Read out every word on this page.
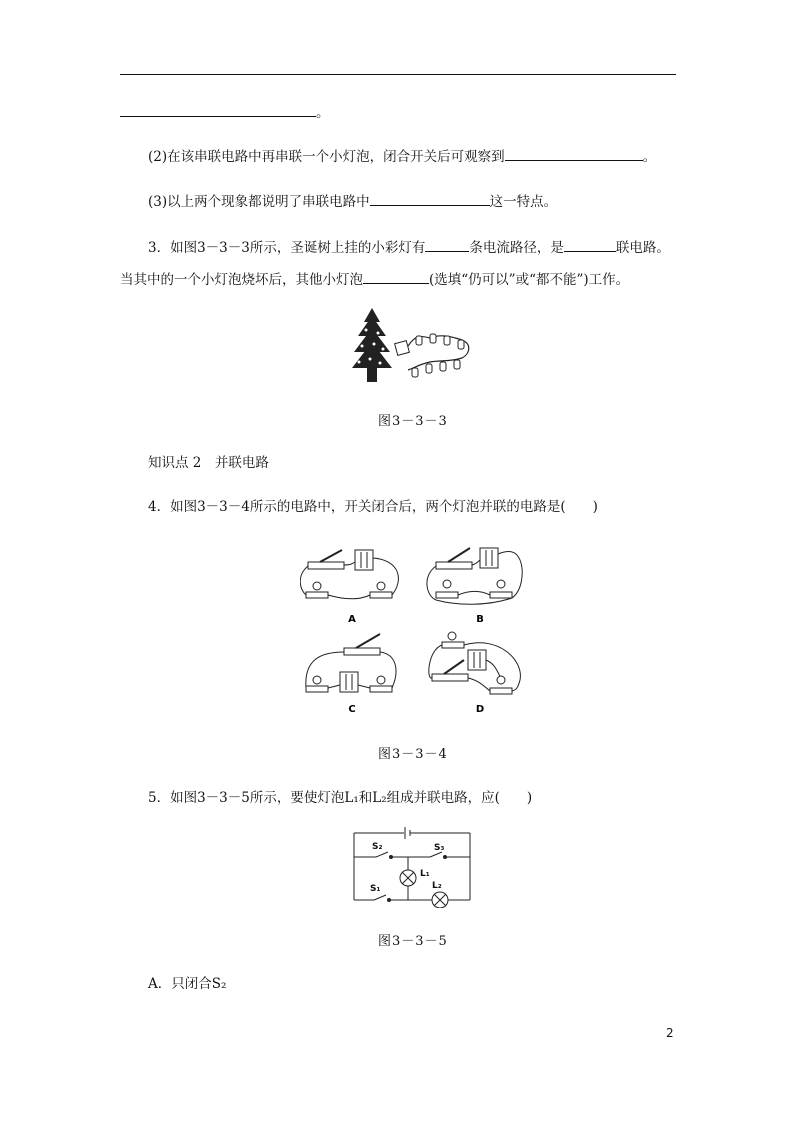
。
(2)在该串联电路中再串联一个小灯泡，闭合开关后可观察到	。
(3)以上两个现象都说明了串联电路中	这一特点。
3．如图3－3－3所示，圣诞树上挂的小彩灯有	条电流路径，是	联电路。
当其中的一个小灯泡烧坏后，其他小灯泡	(选填“仍可以”或“都不能”)工作。
图3－3－3
知识点 2　并联电路
4．如图3－3－4所示的电路中，开关闭合后，两个灯泡并联的电路是(　　)
A	B
C	D
图3－3－4
5．如图3－3－5所示，要使灯泡L₁和L₂组成并联电路，应(　　)
S₂	S₃
L₁
S₁	L₂
图3－3－5
A．只闭合S₂
2
